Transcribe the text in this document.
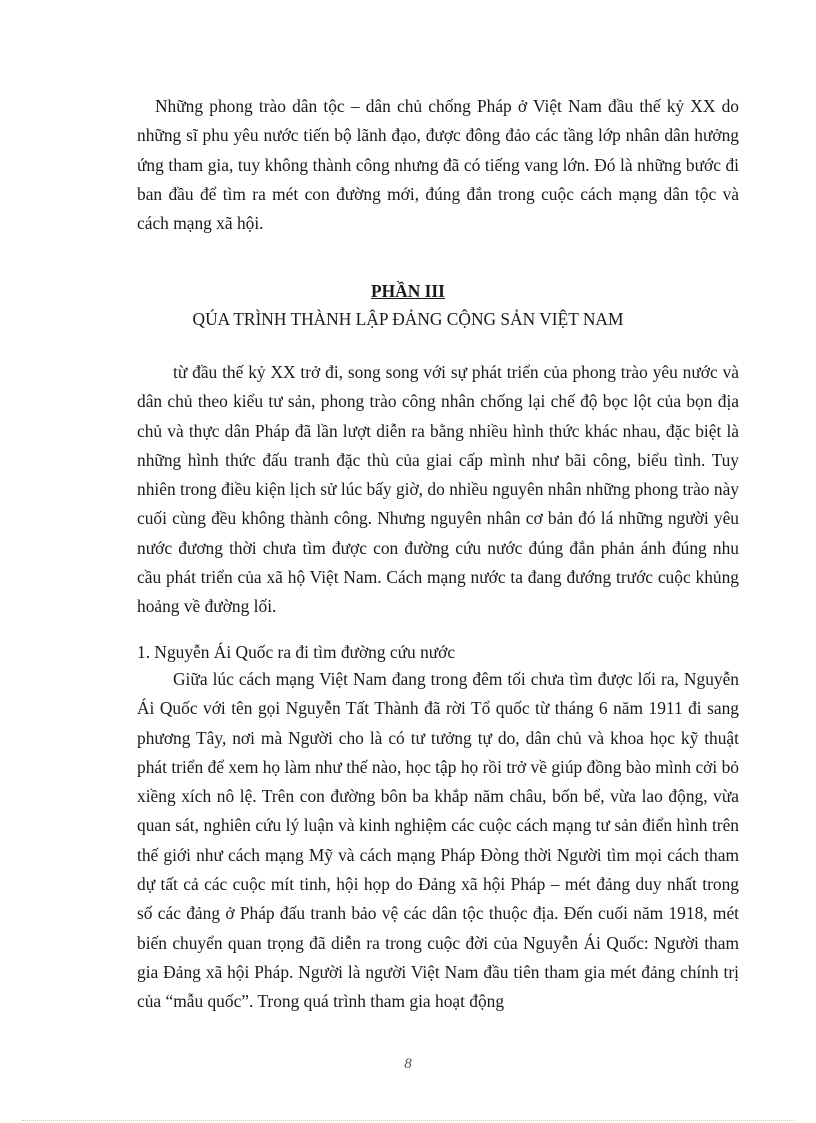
Những phong trào dân tộc – dân chủ chống Pháp ở Việt Nam đầu thế kỷ XX do những sĩ phu yêu nước tiến bộ lãnh đạo, được đông đảo các tầng lớp nhân dân hưởng ứng tham gia, tuy không thành công nhưng đã có tiếng vang lớn. Đó là những bước đi ban đầu để tìm ra mét con đường mới, đúng đắn trong cuộc cách mạng dân tộc và cách mạng xã hội.

PHẦN III

QÚA TRÌNH THÀNH LẬP ĐẢNG CỘNG SẢN VIỆT NAM

từ đầu thế kỷ XX trở đi, song song với sự phát triển của phong trào yêu nước và dân chủ theo kiểu tư sản, phong trào công nhân chống lại chế độ bọc lột của bọn địa chủ và thực dân Pháp đã lần lượt diễn ra bằng nhiều hình thức khác nhau, đặc biệt là những hình thức đấu tranh đặc thù của giai cấp mình như bãi công, biểu tình. Tuy nhiên trong điều kiện lịch sử lúc bấy giờ, do nhiều nguyên nhân những phong trào này cuối cùng đều không thành công. Nhưng nguyên nhân cơ bản đó lá những người yêu nước đương thời chưa tìm được con đường cứu nước đúng đắn phản ánh đúng nhu cầu phát triển của xã hộ Việt Nam. Cách mạng nước ta đang đướng trước cuộc khủng hoảng về đường lối.

1. Nguyễn Ái Quốc ra đi tìm đường cứu nước

Giữa lúc cách mạng Việt Nam đang trong đêm tối chưa tìm được lối ra, Nguyễn Ái Quốc với tên gọi Nguyễn Tất Thành đã rời Tổ quốc từ tháng 6 năm 1911 đi sang phương Tây, nơi mà Người cho là có tư tưởng tự do, dân chủ và khoa học kỹ thuật phát triển để xem họ làm như thế nào, học tập họ rồi trở về giúp đồng bào mình cởi bỏ xiềng xích nô lệ. Trên con đường bôn ba khắp năm châu, bốn bể, vừa lao động, vừa quan sát, nghiên cứu lý luận và kinh nghiệm các cuộc cách mạng tư sản điển hình trên thế giới như cách mạng Mỹ và cách mạng Pháp Đòng thời Người tìm mọi cách tham dự tất cả các cuộc mít tinh, hội họp do Đảng xã hội Pháp – mét đảng duy nhất trong số các đảng ở Pháp đấu tranh bảo vệ các dân tộc thuộc địa. Đến cuối năm 1918, mét biến chuyển quan trọng đã diễn ra trong cuộc đời của Nguyễn Ái Quốc: Người tham gia Đảng xã hội Pháp. Người là người Việt Nam đầu tiên tham gia mét đảng chính trị của “mẫu quốc”. Trong quá trình tham gia hoạt động

8
